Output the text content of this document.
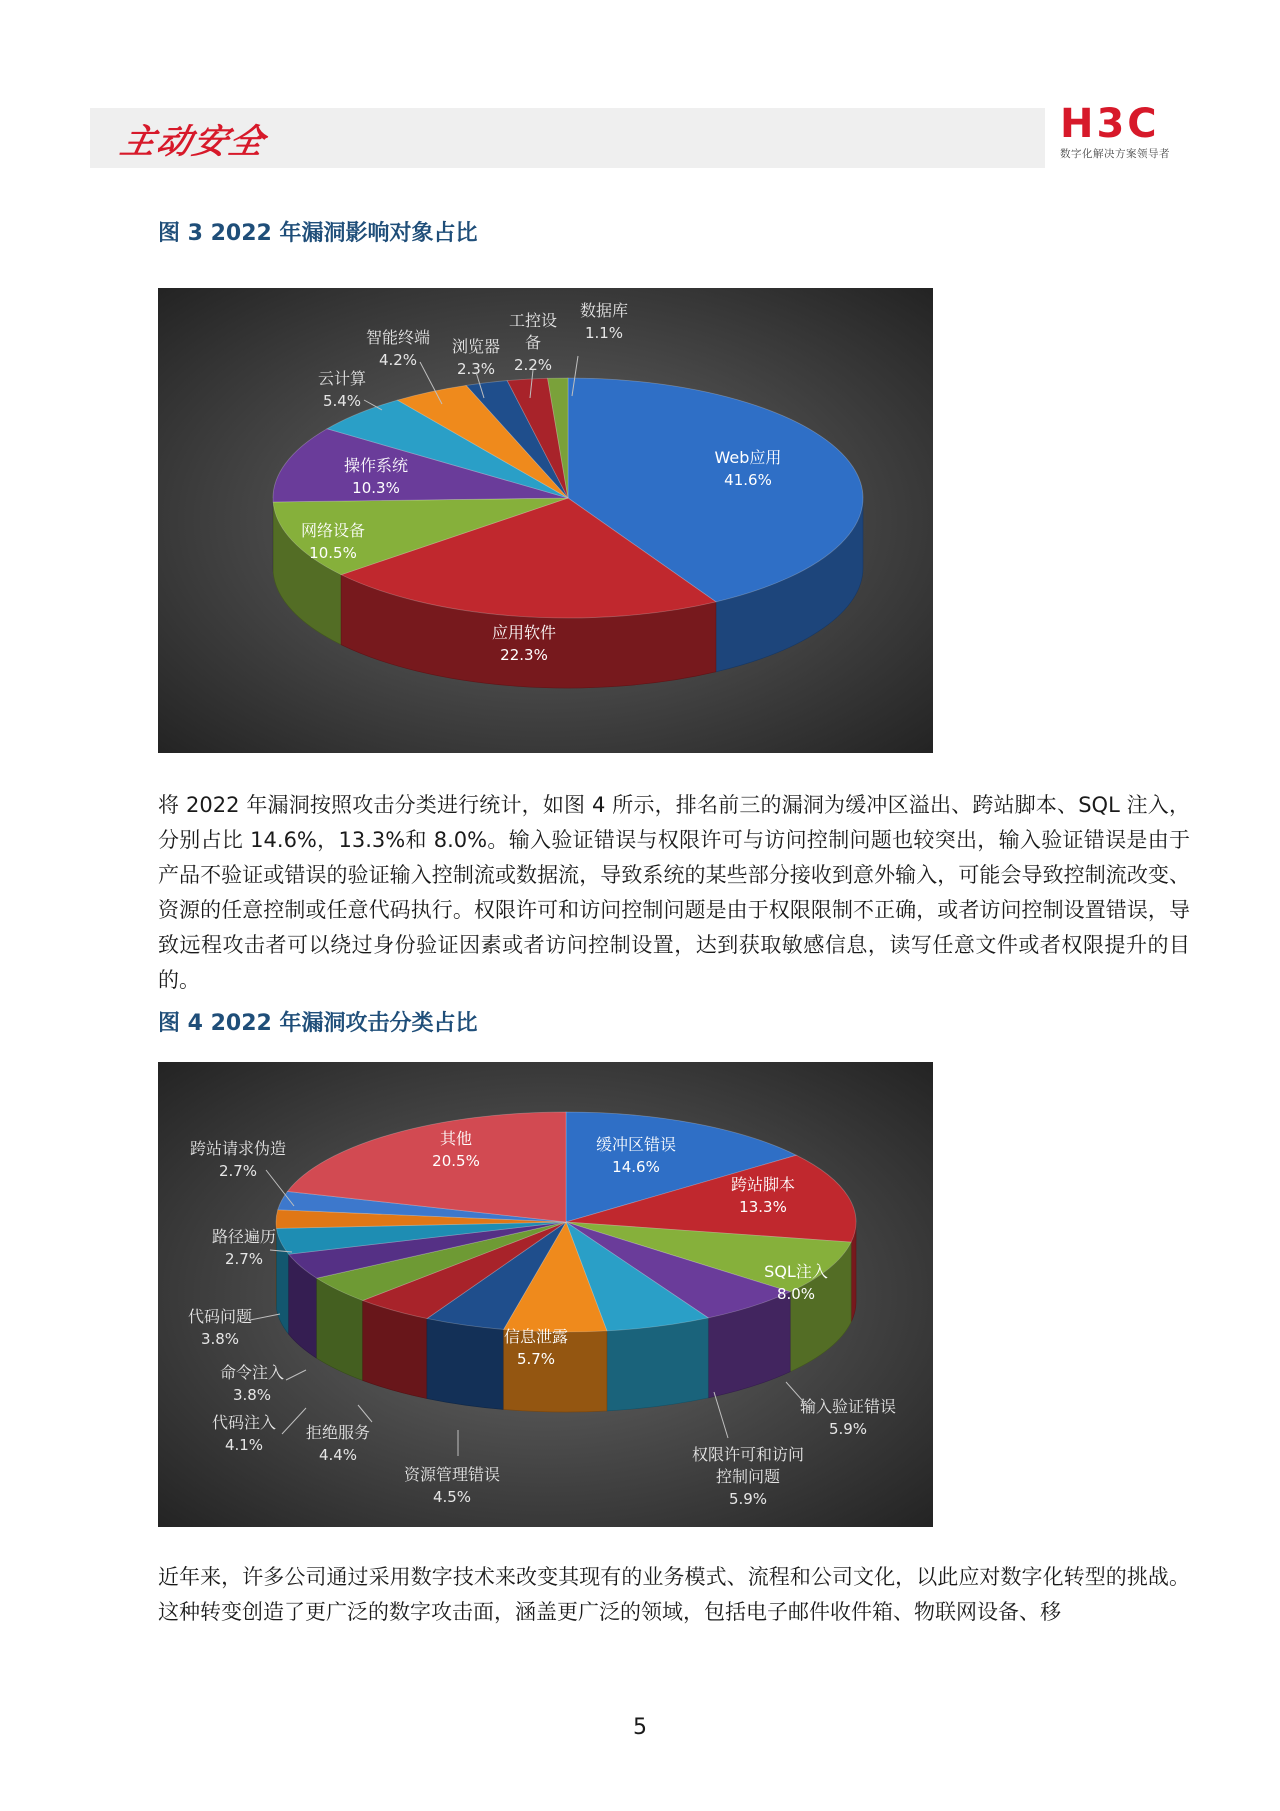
主动安全	H3C
数字化解决方案领导者
图 3 2022 年漏洞影响对象占比
Web应用
41.6%
应用软件
22.3%
网络设备
10.5%
操作系统
10.3%
云计算
5.4%
智能终端
4.2%
浏览器
2.3%
工控设
备
2.2%
数据库
1.1%

将 2022 年漏洞按照攻击分类进行统计，如图 4 所示，排名前三的漏洞为缓冲区溢出、跨站脚本、SQL 注入，分别占比 14.6%，13.3%和 8.0%。输入验证错误与权限许可与访问控制问题也较突出，输入验证错误是由于产品不验证或错误的验证输入控制流或数据流，导致系统的某些部分接收到意外输入，可能会导致控制流改变、资源的任意控制或任意代码执行。权限许可和访问控制问题是由于权限限制不正确，或者访问控制设置错误，导致远程攻击者可以绕过身份验证因素或者访问控制设置，达到获取敏感信息，读写任意文件或者权限提升的目的。

图 4 2022 年漏洞攻击分类占比
缓冲区错误
14.6%
跨站脚本
13.3%
SQL注入
8.0%
输入验证错误
5.9%
权限许可和访问
控制问题
5.9%
信息泄露
5.7%
资源管理错误
4.5%
拒绝服务
4.4%
代码注入
4.1%
命令注入
3.8%
代码问题
3.8%
路径遍历
2.7%
跨站请求伪造
2.7%
其他
20.5%

近年来，许多公司通过采用数字技术来改变其现有的业务模式、流程和公司文化，以此应对数字化转型的挑战。这种转变创造了更广泛的数字攻击面，涵盖更广泛的领域，包括电子邮件收件箱、物联网设备、移

5
